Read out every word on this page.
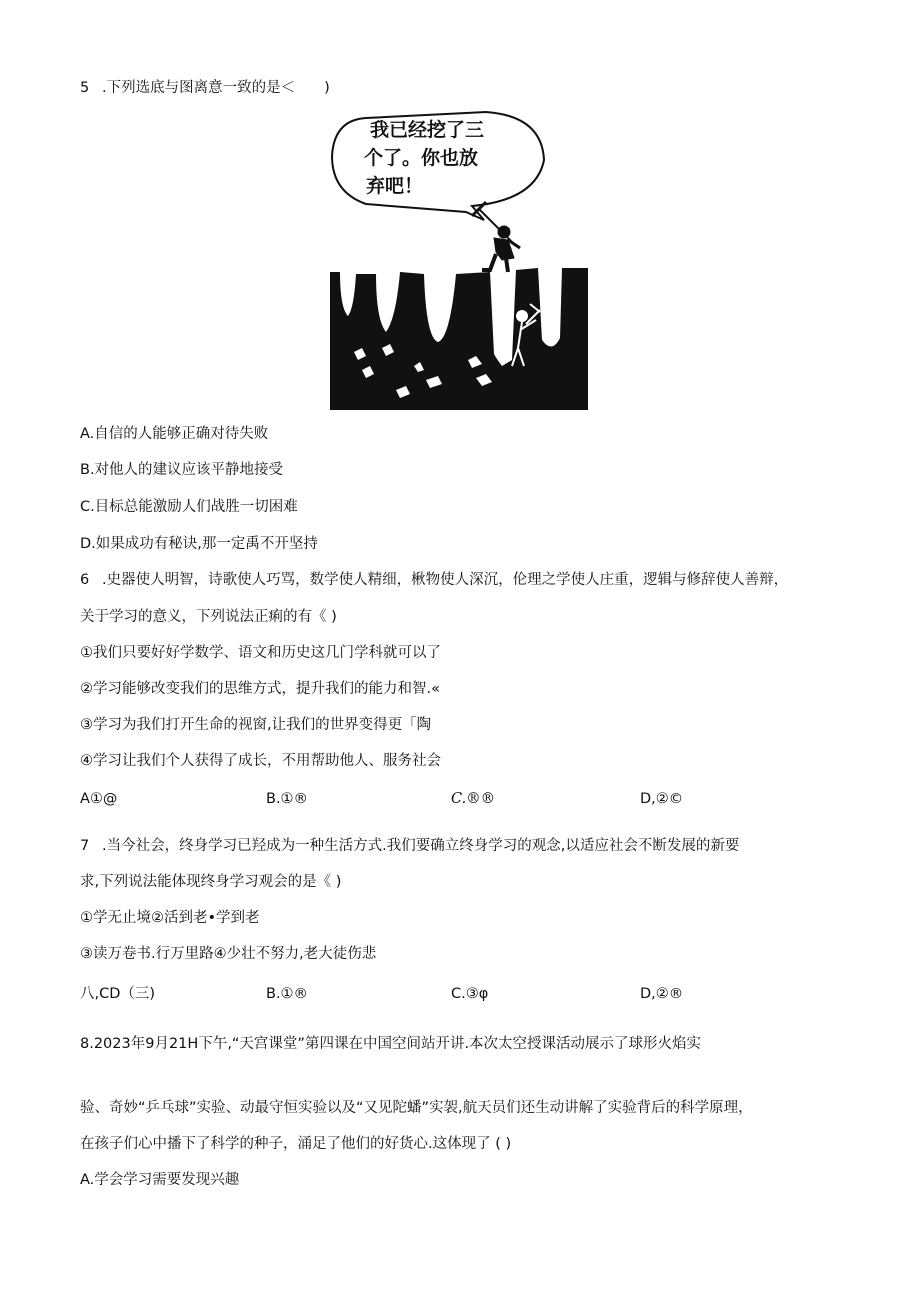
5 .下列选底与图离意一致的是＜　　)
我已经挖了三
个了。你也放
弃吧！
A.自信的人能够正确对待失败
B.对他人的建议应该平静地接受
C.目标总能激励人们战胜一切困难
D.如果成功有秘诀,那一定禹不开坚持
6 .史器使人明智，诗歌使人巧骂，数学使人精细，楸物使人深沉，伦理之学使人庄重，逻辑与修辞使人善辩，
关于学习的意义，下列说法正痢的有《 )
①我们只要好好学数学、语文和历史这几门学科就可以了
②学习能够改变我们的思维方式，提升我们的能力和智.«
③学习为我们打开生命的视窗,让我们的世界变得更「陶
④学习让我们个人获得了成长，不用帮助他人、服务社会
A①@	B.①®	C.®®	D,②©
7 .当今社会，终身学习已羟成为一种生活方式.我们要确立终身学习的观念,以适应社会不断发展的新要
求,下列说法能体现终身学习观会的是《 )
①学无止境②活到老•学到老
③读万卷书.行万里路④少壮不努力,老大徒伤悲
八,CD（三)	B.①®	C.③φ	D,②®
8.2023年9月21H下午,“天宫课堂”第四课在中国空间站开讲.本次太空授课活动展示了球形火焰实
验、奇妙“乒乓球”实验、动最守恒实验以及“又见陀蟠”实袈,航天员们还生动讲解了实验背后的科学原理，
在孩子们心中播下了科学的种子，涌足了他们的好货心.这体现了 ( )
A.学会学习需要发现兴趣
